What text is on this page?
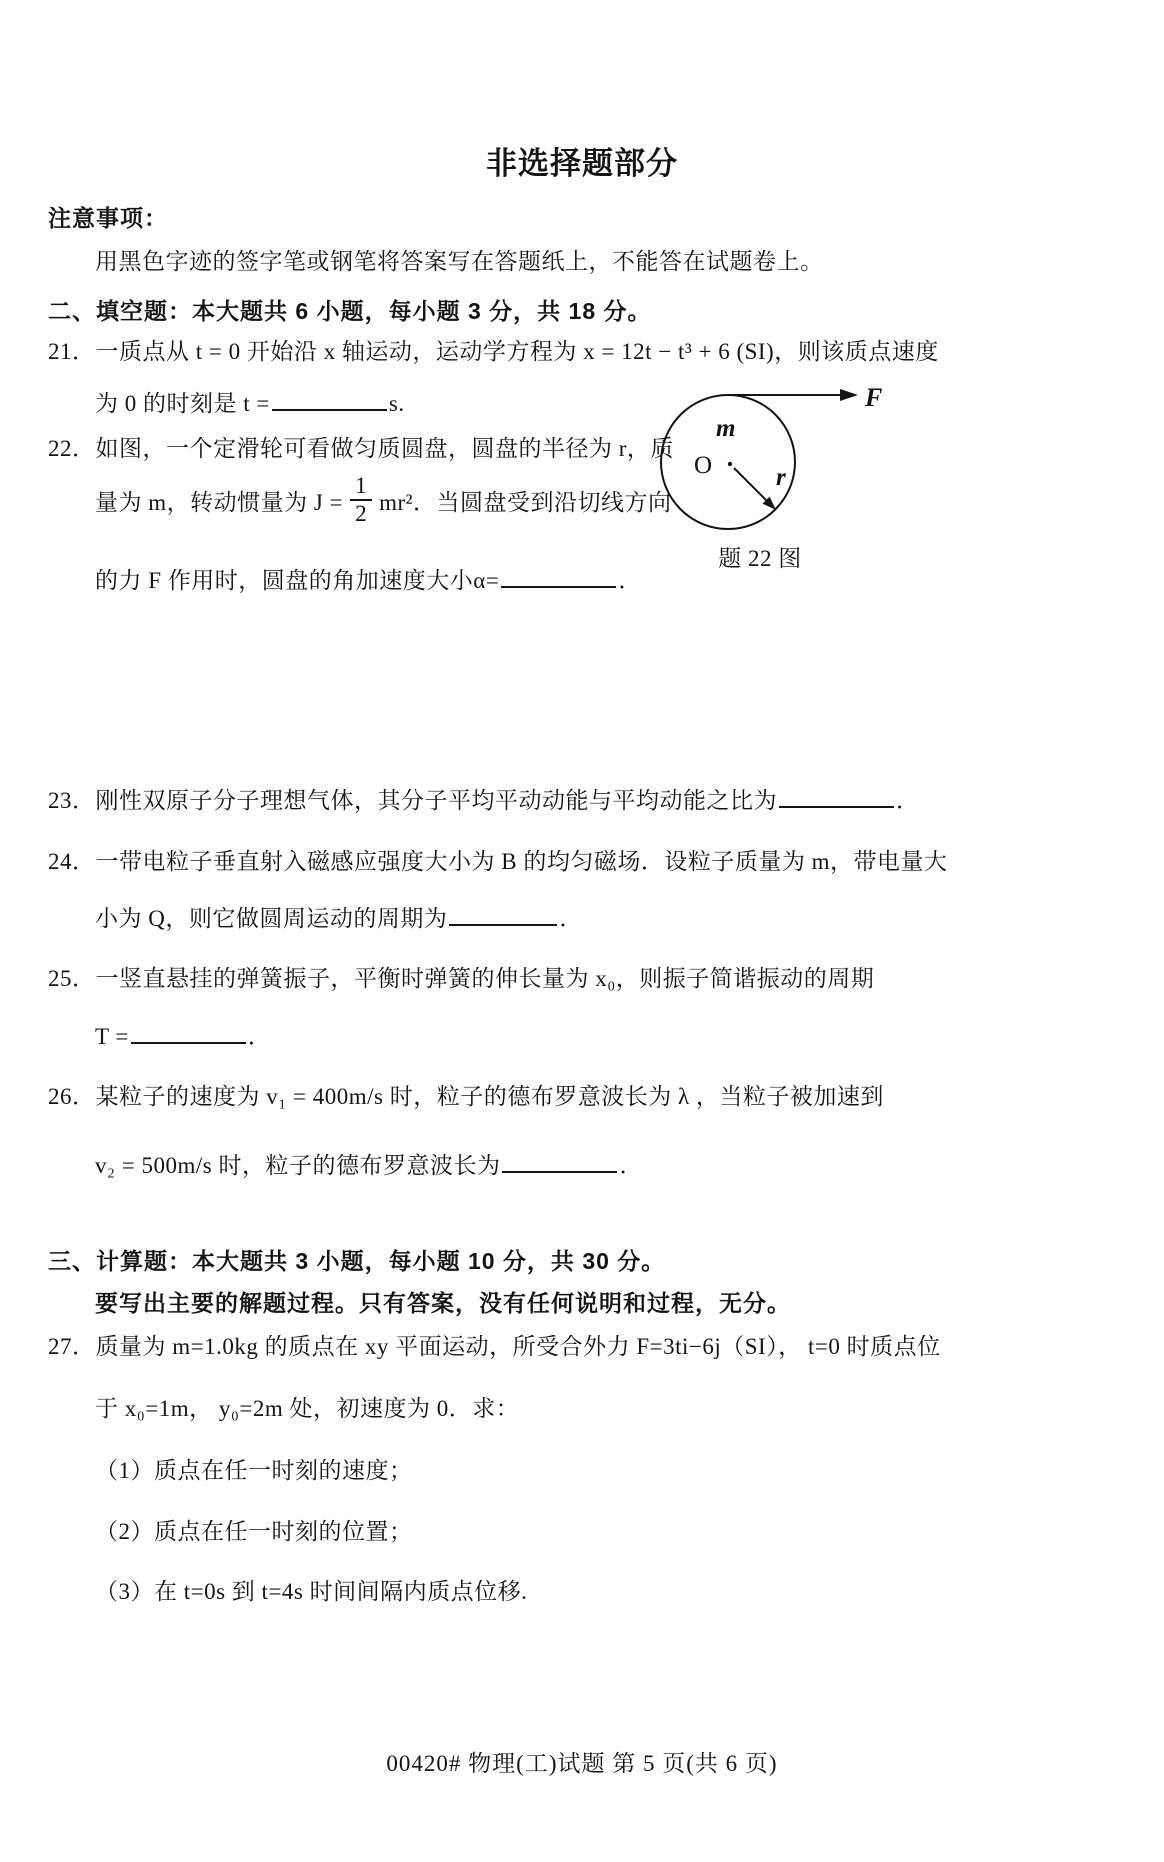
非选择题部分
注意事项：
用黑色字迹的签字笔或钢笔将答案写在答题纸上，不能答在试题卷上。
二、填空题：本大题共 6 小题，每小题 3 分，共 18 分。
21．一质点从 t = 0 开始沿 x 轴运动，运动学方程为 x = 12t − t³ + 6 (SI)，则该质点速度
为 0 的时刻是 t =	s.
m
O	r
F
题 22 图
22．如图，一个定滑轮可看做匀质圆盘，圆盘的半径为 r，质
量为 m，转动惯量为 $J = \frac{1}{2} mr^2$．当圆盘受到沿切线方向
的力 F 作用时，圆盘的角加速度大小α=	．
23．刚性双原子分子理想气体，其分子平均平动动能与平均动能之比为	．
24．一带电粒子垂直射入磁感应强度大小为 B 的均匀磁场．设粒子质量为 m，带电量大
小为 Q，则它做圆周运动的周期为	．
25．一竖直悬挂的弹簧振子，平衡时弹簧的伸长量为 x₀，则振子简谐振动的周期
T =	．
26．某粒子的速度为 v₁ = 400m/s 时，粒子的德布罗意波长为 λ ，当粒子被加速到
v₂ = 500m/s 时，粒子的德布罗意波长为	．
三、计算题：本大题共 3 小题，每小题 10 分，共 30 分。
要写出主要的解题过程。只有答案，没有任何说明和过程，无分。
27．质量为 m=1.0kg 的质点在 xy 平面运动，所受合外力 F=3ti−6j（SI）， t=0 时质点位
于 x₀=1m， y₀=2m 处，初速度为 0．求：
（1）质点在任一时刻的速度；
（2）质点在任一时刻的位置；
（3）在 t=0s 到 t=4s 时间间隔内质点位移.
00420# 物理(工)试题 第 5 页(共 6 页)
